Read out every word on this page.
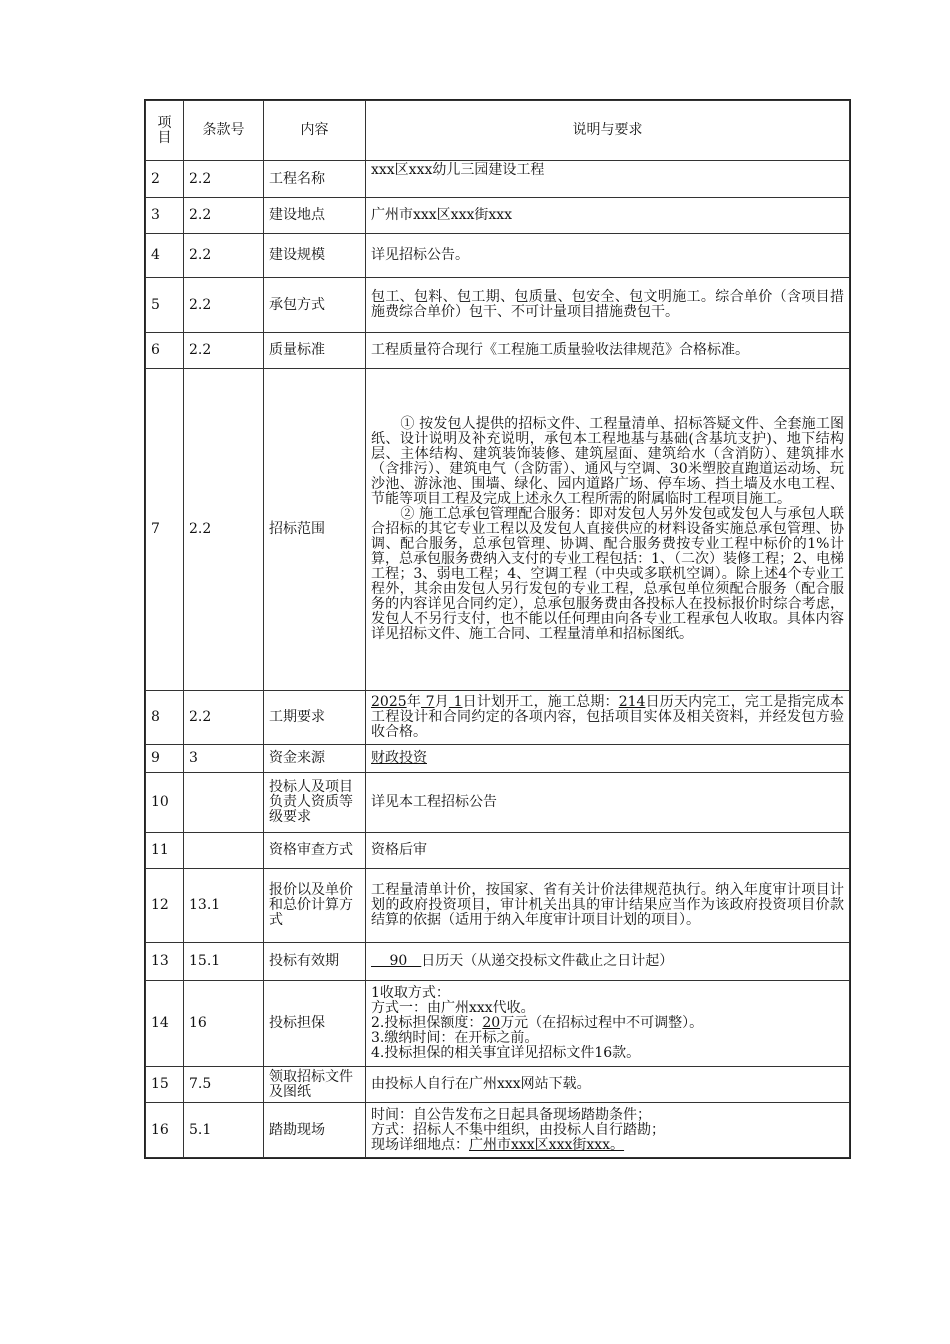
项目	条款号	内容	说明与要求
2	2.2	工程名称	xxx区xxx幼儿三园建设工程
3	2.2	建设地点	广州市xxx区xxx街xxx
4	2.2	建设规模	详见招标公告。
5	2.2	承包方式	包工、包料、包工期、包质量、包安全、包文明施工。综合单价（含项目措施费综合单价）包干、不可计量项目措施费包干。
6	2.2	质量标准	工程质量符合现行《工程施工质量验收法律规范》合格标准。
7	2.2	招标范围	① 按发包人提供的招标文件、工程量清单、招标答疑文件、全套施工图纸、设计说明及补充说明，承包本工程地基与基础(含基坑支护)、地下结构层、主体结构、建筑装饰装修、建筑屋面、建筑给水（含消防）、建筑排水（含排污）、建筑电气（含防雷）、通风与空调、30米塑胶直跑道运动场、玩沙池、游泳池、围墙、绿化、园内道路广场、停车场、挡土墙及水电工程、节能等项目工程及完成上述永久工程所需的附属临时工程项目施工。
② 施工总承包管理配合服务：即对发包人另外发包或发包人与承包人联合招标的其它专业工程以及发包人直接供应的材料设备实施总承包管理、协调、配合服务，总承包管理、协调、配合服务费按专业工程中标价的1%计算，总承包服务费纳入支付的专业工程包括：1、（二次）装修工程；2、电梯工程；3、弱电工程；4、空调工程（中央或多联机空调）。除上述4个专业工程外，其余由发包人另行发包的专业工程，总承包单位须配合服务（配合服务的内容详见合同约定），总承包服务费由各投标人在投标报价时综合考虑，发包人不另行支付，也不能以任何理由向各专业工程承包人收取。具体内容详见招标文件、施工合同、工程量清单和招标图纸。

8	2.2	工期要求	2025年 7月 1日计划开工，施工总期：214日历天内完工，完工是指完成本工程设计和合同约定的各项内容，包括项目实体及相关资料，并经发包方验收合格。
9	3	资金来源	财政投资
10		投标人及项目负责人资质等级要求	详见本工程招标公告
11		资格审查方式	资格后审
12	13.1	报价以及单价和总价计算方式	工程量清单计价，按国家、省有关计价法律规范执行。纳入年度审计项目计划的政府投资项目，审计机关出具的审计结果应当作为该政府投资项目价款结算的依据（适用于纳入年度审计项目计划的项目）。
13	15.1	投标有效期	　 90　日历天（从递交投标文件截止之日计起）
14	16	投标担保	1收取方式：
方式一：由广州xxx代收。
2.投标担保额度：20万元（在招标过程中不可调整）。
3.缴纳时间：在开标之前。
4.投标担保的相关事宜详见招标文件16款。

15	7.5	领取招标文件及图纸	由投标人自行在广州xxx网站下载。
16	5.1	踏勘现场	时间：自公告发布之日起具备现场踏勘条件；
方式：招标人不集中组织，由投标人自行踏勘；
现场详细地点：广州市xxx区xxx街xxx。
